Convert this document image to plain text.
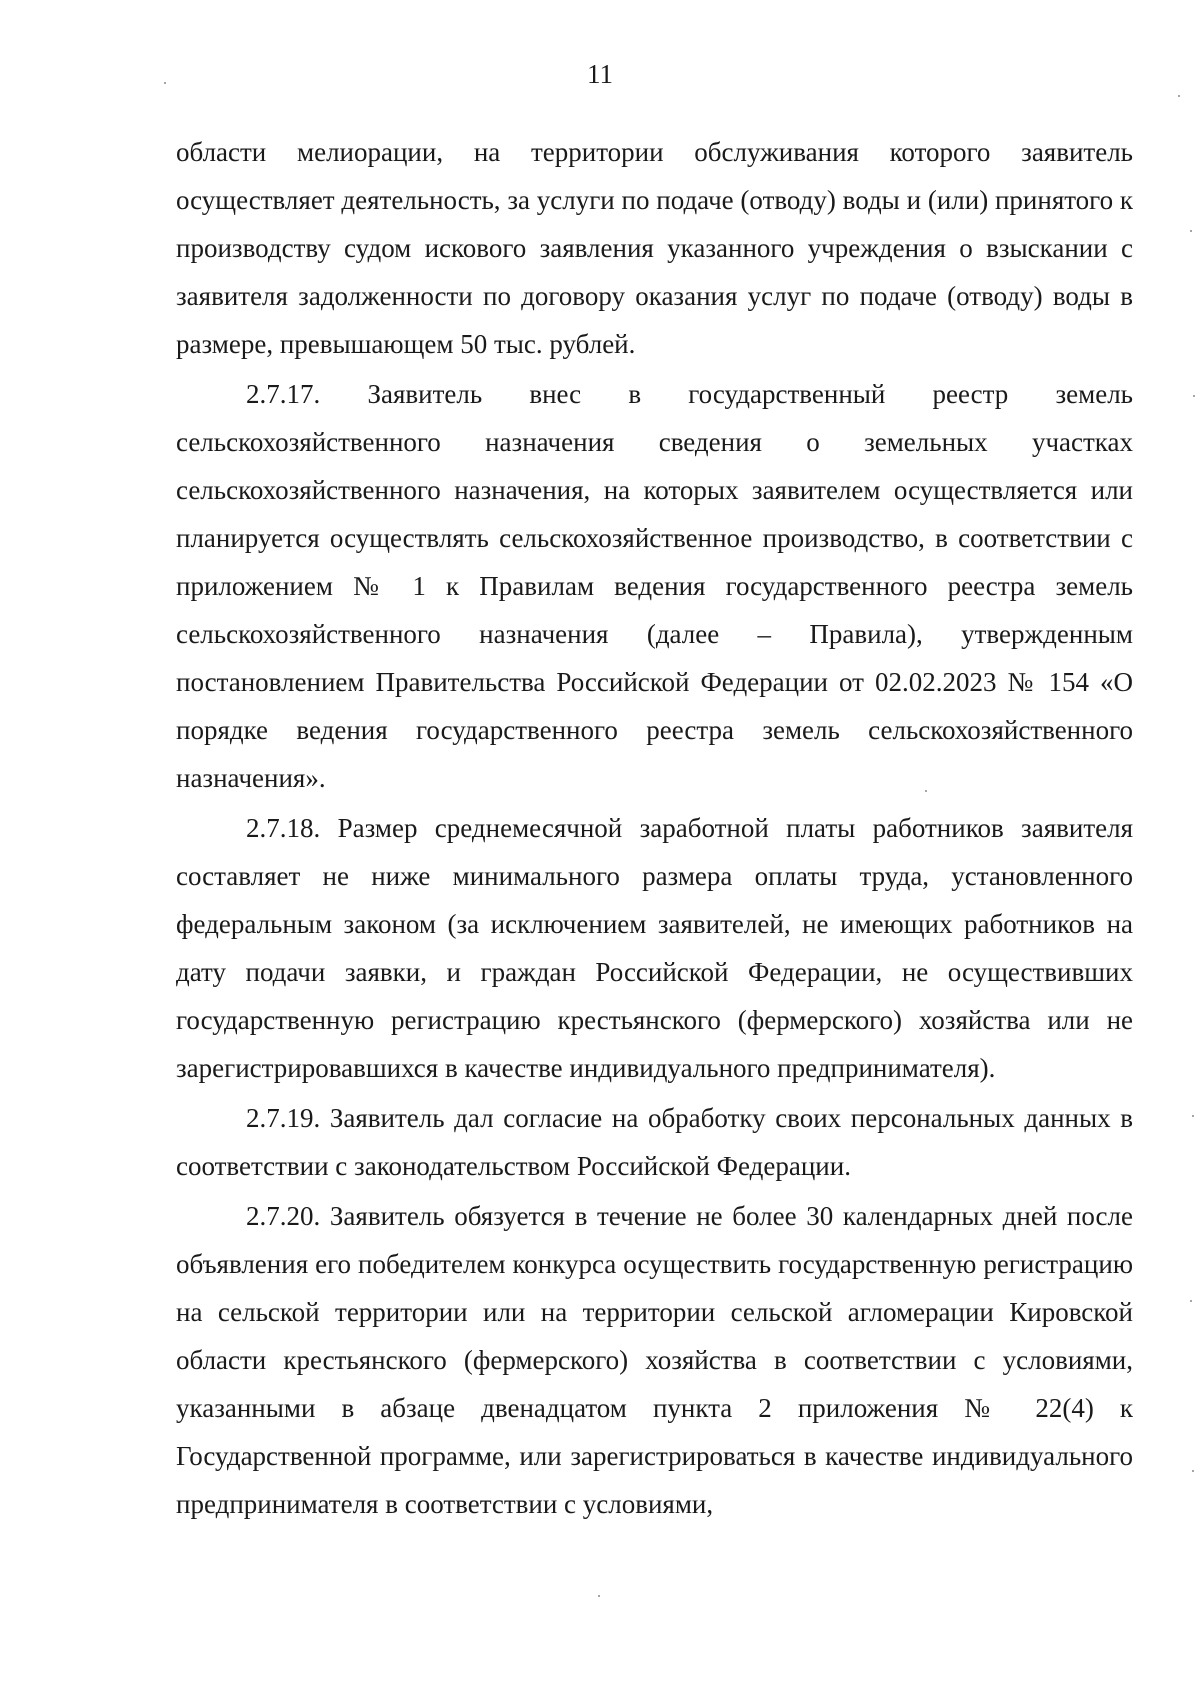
11

области мелиорации, на территории обслуживания которого заявитель осуществляет деятельность, за услуги по подаче (отводу) воды и (или) принятого к производству судом искового заявления указанного учреждения о взыскании с заявителя задолженности по договору оказания услуг по подаче (отводу) воды в размере, превышающем 50 тыс. рублей.

2.7.17. Заявитель внес в государственный реестр земель сельскохозяйственного назначения сведения о земельных участках сельскохозяйственного назначения, на которых заявителем осуществляется или планируется осуществлять сельскохозяйственное производство, в соответствии с приложением № 1 к Правилам ведения государственного реестра земель сельскохозяйственного назначения (далее – Правила), утвержденным постановлением Правительства Российской Федерации от 02.02.2023 № 154 «О порядке ведения государственного реестра земель сельскохозяйственного назначения».

2.7.18. Размер среднемесячной заработной платы работников заявителя составляет не ниже минимального размера оплаты труда, установленного федеральным законом (за исключением заявителей, не имеющих работников на дату подачи заявки, и граждан Российской Федерации, не осуществивших государственную регистрацию крестьянского (фермерского) хозяйства или не зарегистрировавшихся в качестве индивидуального предпринимателя).

2.7.19. Заявитель дал согласие на обработку своих персональных данных в соответствии с законодательством Российской Федерации.

2.7.20. Заявитель обязуется в течение не более 30 календарных дней после объявления его победителем конкурса осуществить государственную регистрацию на сельской территории или на территории сельской агломерации Кировской области крестьянского (фермерского) хозяйства в соответствии с условиями, указанными в абзаце двенадцатом пункта 2 приложения № 22(4) к Государственной программе, или зарегистрироваться в качестве индивидуального предпринимателя в соответствии с условиями,
